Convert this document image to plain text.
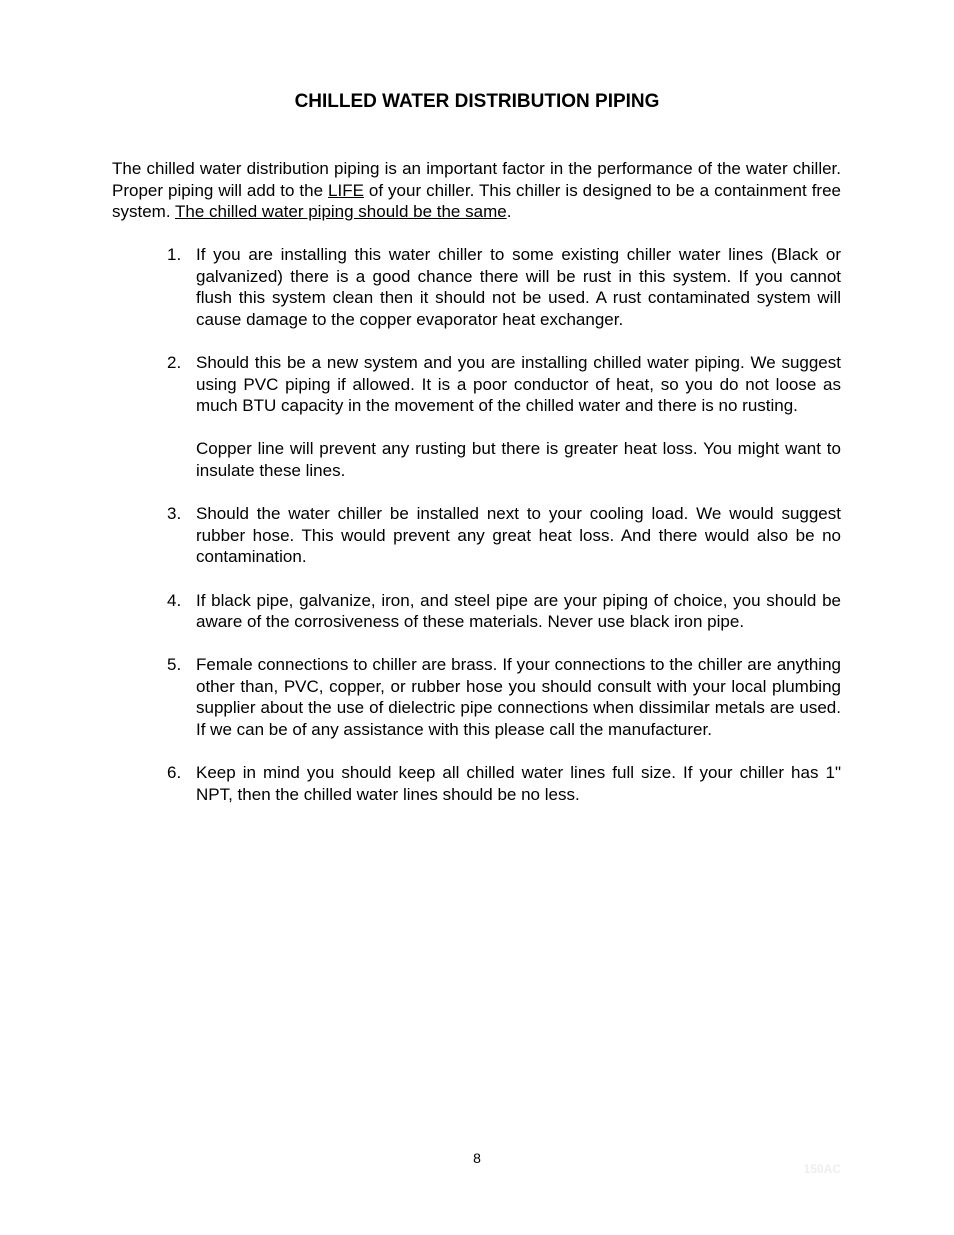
CHILLED WATER DISTRIBUTION PIPING

The chilled water distribution piping is an important factor in the performance of the water chiller. Proper piping will add to the LIFE of your chiller. This chiller is designed to be a containment free system. The chilled water piping should be the same.

1. If you are installing this water chiller to some existing chiller water lines (Black or galvanized) there is a good chance there will be rust in this system. If you cannot flush this system clean then it should not be used. A rust contaminated system will cause damage to the copper evaporator heat exchanger.

2. Should this be a new system and you are installing chilled water piping. We suggest using PVC piping if allowed. It is a poor conductor of heat, so you do not loose as much BTU capacity in the movement of the chilled water and there is no rusting.

Copper line will prevent any rusting but there is greater heat loss. You might want to insulate these lines.

3. Should the water chiller be installed next to your cooling load. We would suggest rubber hose. This would prevent any great heat loss. And there would also be no contamination.

4. If black pipe, galvanize, iron, and steel pipe are your piping of choice, you should be aware of the corrosiveness of these materials. Never use black iron pipe.

5. Female connections to chiller are brass. If your connections to the chiller are anything other than, PVC, copper, or rubber hose you should consult with your local plumbing supplier about the use of dielectric pipe connections when dissimilar metals are used. If we can be of any assistance with this please call the manufacturer.

6. Keep in mind you should keep all chilled water lines full size. If your chiller has 1" NPT, then the chilled water lines should be no less.

8

150AC
